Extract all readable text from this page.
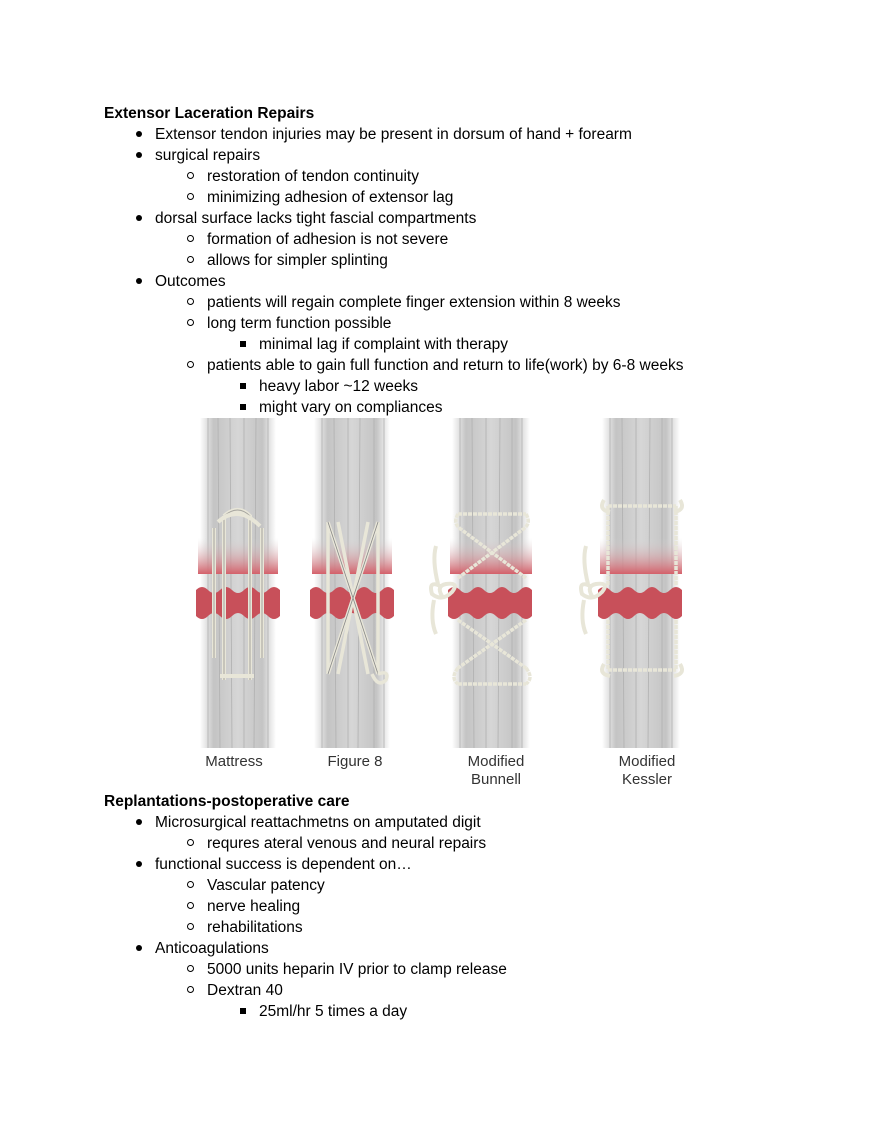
Extensor Laceration Repairs
Extensor tendon injuries may be present in dorsum of hand + forearm
surgical repairs
restoration of tendon continuity
minimizing adhesion of extensor lag
dorsal surface lacks tight fascial compartments
formation of adhesion is not severe
allows for simpler splinting
Outcomes
patients will regain complete finger extension within 8 weeks
long term function possible
minimal lag if complaint with therapy
patients able to gain full function and return to life(work) by 6-8 weeks
heavy labor ~12 weeks
might vary on compliances
Mattress	Figure 8	Modified
Bunnell
Modified
Kessler
Replantations-postoperative care
Microsurgical reattachmetns on amputated digit
requres ateral venous and neural repairs
functional success is dependent on…
Vascular patency
nerve healing
rehabilitations
Anticoagulations
5000 units heparin IV prior to clamp release
Dextran 40
25ml/hr 5 times a day
